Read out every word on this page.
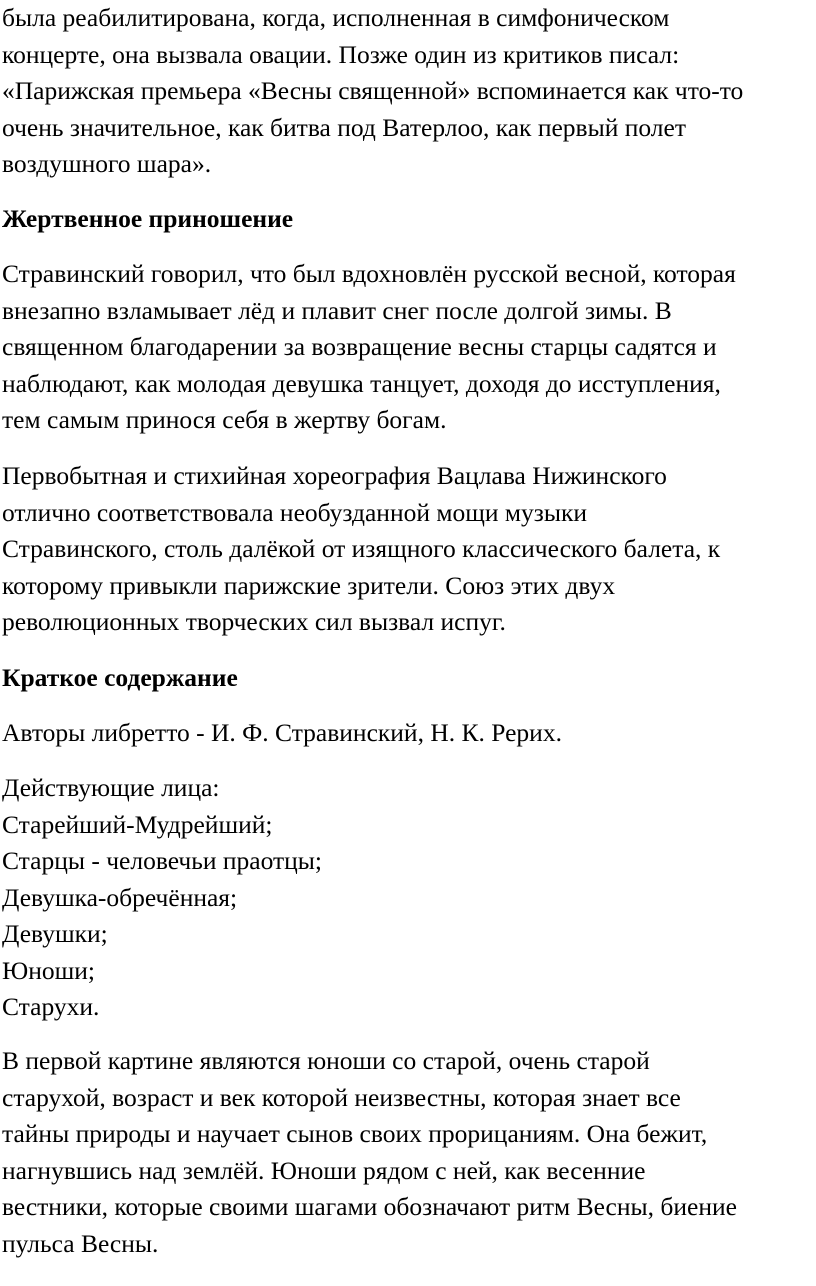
была реабилитирована, когда, исполненная в симфоническом
концерте, она вызвала овации. Позже один из критиков писал:
«Парижская премьера «Весны священной» вспоминается как что-то
очень значительное, как битва под Ватерлоо, как первый полет
воздушного шара».
Жертвенное приношение
Стравинский говорил, что был вдохновлён русской весной, которая
внезапно взламывает лёд и плавит снег после долгой зимы. В
священном благодарении за возвращение весны старцы садятся и
наблюдают, как молодая девушка танцует, доходя до исступления,
тем самым принося себя в жертву богам.
Первобытная и стихийная хореография Вацлава Нижинского
отлично соответствовала необузданной мощи музыки
Стравинского, столь далёкой от изящного классического балета, к
которому привыкли парижские зрители. Союз этих двух
революционных творческих сил вызвал испуг.
Краткое содержание
Авторы либретто - И. Ф. Стравинский, Н. К. Рерих.
Действующие лица:
Старейший-Мудрейший;
Старцы - человечьи праотцы;
Девушка-обречённая;
Девушки;
Юноши;
Старухи.
В первой картине являются юноши со старой, очень старой
старухой, возраст и век которой неизвестны, которая знает все
тайны природы и научает сынов своих прорицаниям. Она бежит,
нагнувшись над землёй. Юноши рядом с ней, как весенние
вестники, которые своими шагами обозначают ритм Весны, биение
пульса Весны.
